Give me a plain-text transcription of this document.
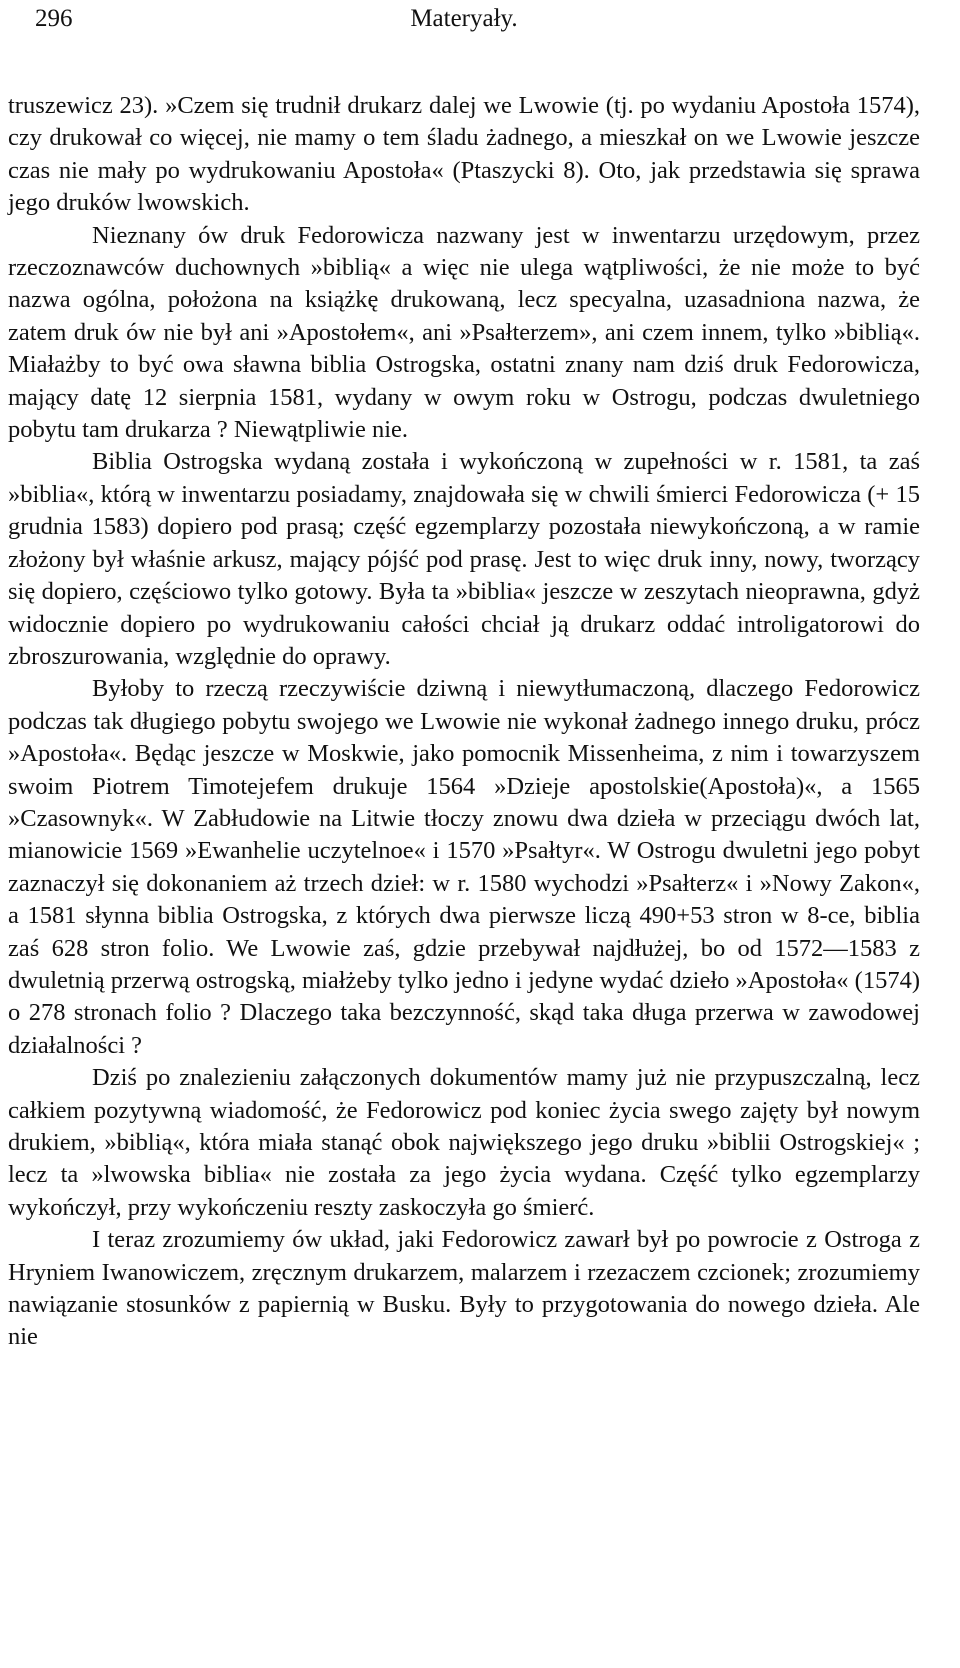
296	Materyały.

truszewicz 23). »Czem się trudnił drukarz dalej we Lwowie (tj. po wydaniu Apostoła 1574), czy drukował co więcej, nie mamy o tem śladu żadnego, a mieszkał on we Lwowie jeszcze czas nie mały po wydrukowaniu Apostoła« (Ptaszycki 8). Oto, jak przedstawia się sprawa jego druków lwowskich.

Nieznany ów druk Fedorowicza nazwany jest w inwentarzu urzędowym, przez rzeczoznawców duchownych »biblią« a więc nie ulega wątpliwości, że nie może to być nazwa ogólna, położona na książkę drukowaną, lecz specyalna, uzasadniona nazwa, że zatem druk ów nie był ani »Apostołem«, ani »Psałterzem», ani czem innem, tylko »biblią«. Miałażby to być owa sławna biblia Ostrogska, ostatni znany nam dziś druk Fedorowicza, mający datę 12 sierpnia 1581, wydany w owym roku w Ostrogu, podczas dwuletniego pobytu tam drukarza ? Niewątpliwie nie.

Biblia Ostrogska wydaną została i wykończoną w zupełności w r. 1581, ta zaś »biblia«, którą w inwentarzu posiadamy, znajdowała się w chwili śmierci Fedorowicza (+ 15 grudnia 1583) dopiero pod prasą; część egzemplarzy pozostała niewykończoną, a w ramie złożony był właśnie arkusz, mający pójść pod prasę. Jest to więc druk inny, nowy, tworzący się dopiero, częściowo tylko gotowy. Była ta »biblia« jeszcze w zeszytach nieoprawna, gdyż widocznie dopiero po wydrukowaniu całości chciał ją drukarz oddać introligatorowi do zbroszurowania, względnie do oprawy.

Byłoby to rzeczą rzeczywiście dziwną i niewytłumaczoną, dlaczego Fedorowicz podczas tak długiego pobytu swojego we Lwowie nie wykonał żadnego innego druku, prócz »Apostoła«. Będąc jeszcze w Moskwie, jako pomocnik Missenheima, z nim i towarzyszem swoim Piotrem Timotejefem drukuje 1564 »Dzieje apostolskie(Apostoła)«, a 1565 »Czasownyk«. W Zabłudowie na Litwie tłoczy znowu dwa dzieła w przeciągu dwóch lat, mianowicie 1569 »Ewanhelie uczytelnoe« i 1570 »Psałtyr«. W Ostrogu dwuletni jego pobyt zaznaczył się dokonaniem aż trzech dzieł: w r. 1580 wychodzi »Psałterz« i »Nowy Zakon«, a 1581 słynna biblia Ostrogska, z których dwa pierwsze liczą 490+53 stron w 8-ce, biblia zaś 628 stron folio. We Lwowie zaś, gdzie przebywał najdłużej, bo od 1572—1583 z dwuletnią przerwą ostrogską, miałżeby tylko jedno i jedyne wydać dzieło »Apostoła« (1574) o 278 stronach folio ? Dlaczego taka bezczynność, skąd taka długa przerwa w zawodowej działalności ?

Dziś po znalezieniu załączonych dokumentów mamy już nie przypuszczalną, lecz całkiem pozytywną wiadomość, że Fedorowicz pod koniec życia swego zajęty był nowym drukiem, »biblią«, która miała stanąć obok największego jego druku »biblii Ostrogskiej« ; lecz ta »lwowska biblia« nie została za jego życia wydana. Część tylko egzemplarzy wykończył, przy wykończeniu reszty zaskoczyła go śmierć.

I teraz zrozumiemy ów układ, jaki Fedorowicz zawarł był po powrocie z Ostroga z Hryniem Iwanowiczem, zręcznym drukarzem, malarzem i rzezaczem czcionek; zrozumiemy nawiązanie stosunków z papiernią w Busku. Były to przygotowania do nowego dzieła. Ale nie
